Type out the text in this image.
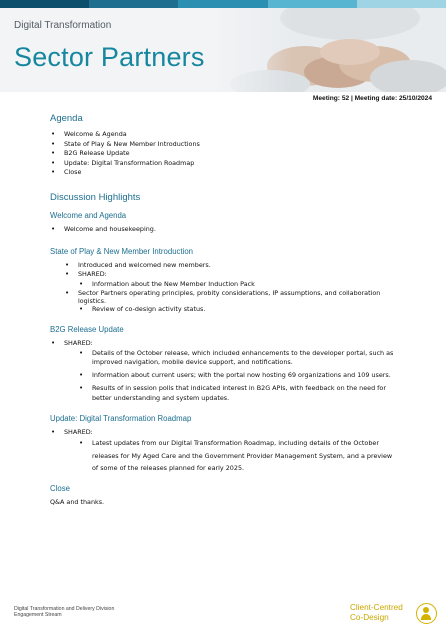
Digital Transformation
Sector Partners
Meeting: 52 | Meeting date: 25/10/2024
Agenda
• Welcome & Agenda
• State of Play & New Member Introductions
• B2G Release Update
• Update: Digital Transformation Roadmap
• Close
Discussion Highlights
Welcome and Agenda
• Welcome and housekeeping.
State of Play & New Member Introduction
• Introduced and welcomed new members.
• SHARED:
• Information about the New Member Induction Pack
• Sector Partners operating principles, probity considerations, IP assumptions, and collaboration logistics.
• Review of co-design activity status.
B2G Release Update
• SHARED:
• Details of the October release, which included enhancements to the developer portal, such as improved navigation, mobile device support, and notifications.
• Information about current users; with the portal now hosting 69 organizations and 109 users.
• Results of in session polls that indicated interest in B2G APIs, with feedback on the need for better understanding and system updates.
Update: Digital Transformation Roadmap
• SHARED:
• Latest updates from our Digital Transformation Roadmap, including details of the October releases for My Aged Care and the Government Provider Management System, and a preview of some of the releases planned for early 2025.
Close
Q&A and thanks.
Digital Transformation and Delivery Division
Engagement Stream
Client-Centred
Co-Design
